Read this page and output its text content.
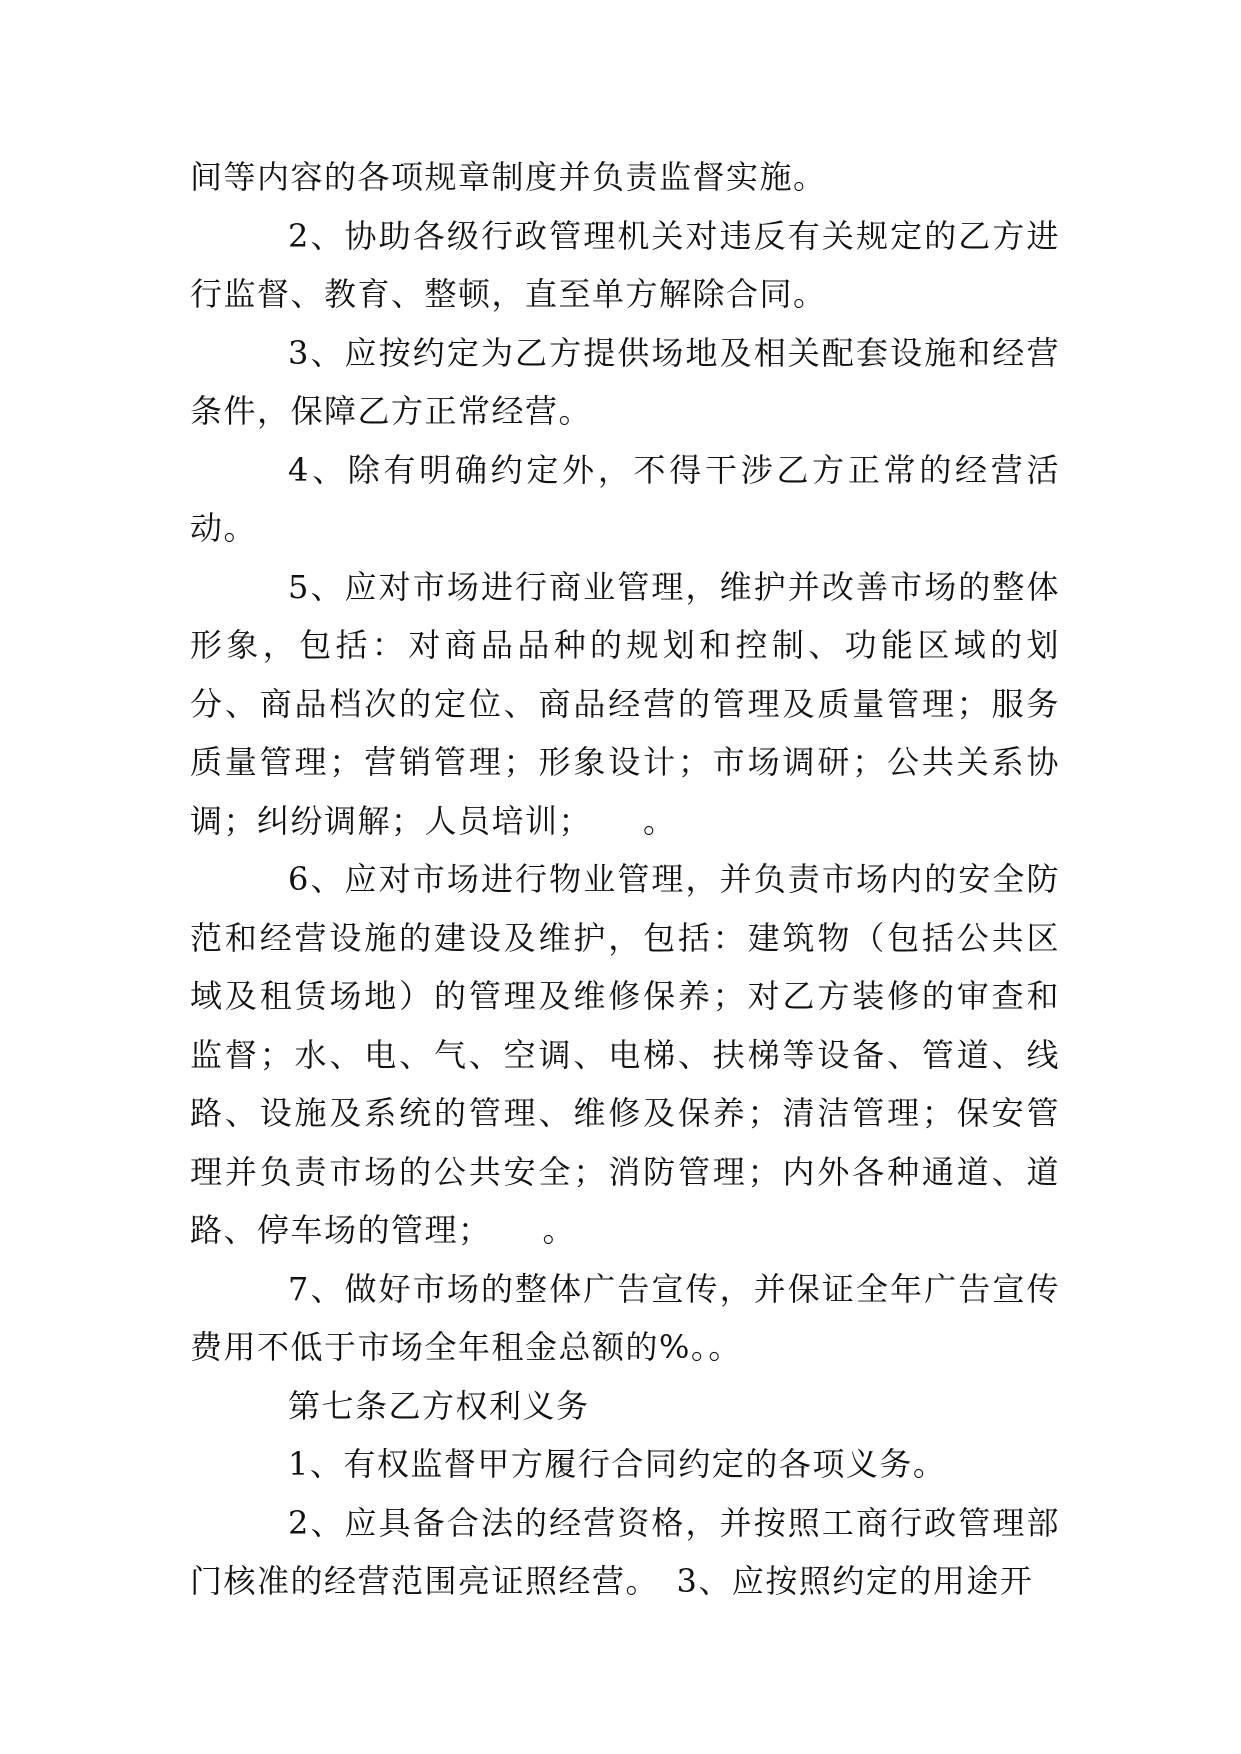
间等内容的各项规章制度并负责监督实施。

2、协助各级行政管理机关对违反有关规定的乙方进行监督、教育、整顿，直至单方解除合同。

3、应按约定为乙方提供场地及相关配套设施和经营条件，保障乙方正常经营。

4、除有明确约定外，不得干涉乙方正常的经营活动。

5、应对市场进行商业管理，维护并改善市场的整体形象，包括：对商品品种的规划和控制、功能区域的划分、商品档次的定位、商品经营的管理及质量管理；服务质量管理；营销管理；形象设计；市场调研；公共关系协调；纠纷调解；人员培训；　　。

6、应对市场进行物业管理，并负责市场内的安全防范和经营设施的建设及维护，包括：建筑物（包括公共区域及租赁场地）的管理及维修保养；对乙方装修的审查和监督；水、电、气、空调、电梯、扶梯等设备、管道、线路、设施及系统的管理、维修及保养；清洁管理；保安管理并负责市场的公共安全；消防管理；内外各种通道、道路、停车场的管理；　　。

7、做好市场的整体广告宣传，并保证全年广告宣传费用不低于市场全年租金总额的%。。

第七条乙方权利义务

1、有权监督甲方履行合同约定的各项义务。

2、应具备合法的经营资格，并按照工商行政管理部门核准的经营范围亮证照经营。　3、应按照约定的用途开
